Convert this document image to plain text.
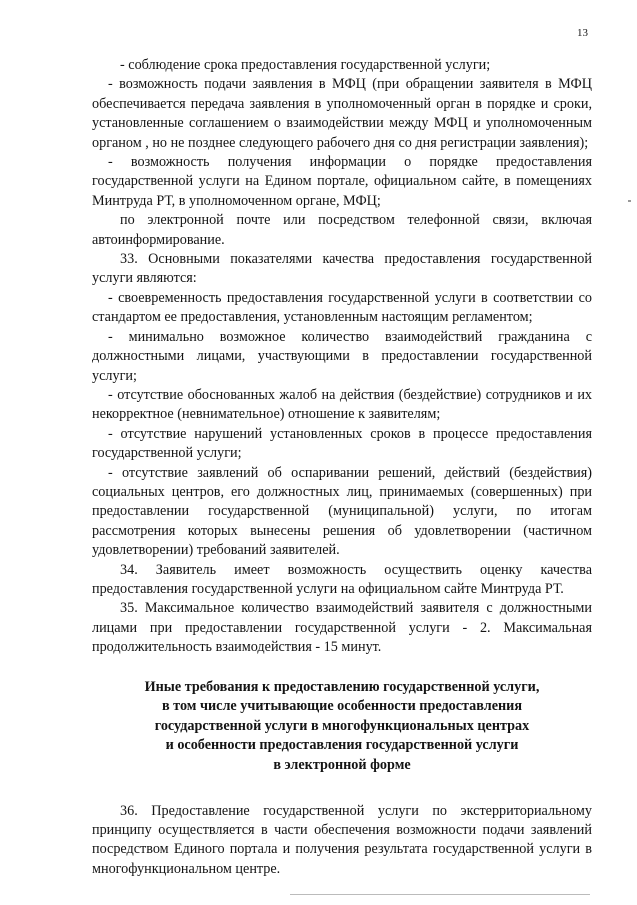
13

- соблюдение срока предоставления государственной услуги;

- возможность подачи заявления в МФЦ (при обращении заявителя в МФЦ обеспечивается передача заявления в уполномоченный орган в порядке и сроки, установленные соглашением о взаимодействии между МФЦ и уполномоченным органом , но не позднее следующего рабочего дня со дня регистрации заявления);

- возможность получения информации о порядке предоставления государственной услуги на Едином портале, официальном сайте, в помещениях Минтруда РТ, в уполномоченном органе, МФЦ;

по электронной почте или посредством телефонной связи, включая автоинформирование.

33. Основными показателями качества предоставления государственной услуги являются:

- своевременность предоставления государственной услуги в соответствии со стандартом ее предоставления, установленным настоящим регламентом;

- минимально возможное количество взаимодействий гражданина с должностными лицами, участвующими в предоставлении государственной услуги;

- отсутствие обоснованных жалоб на действия (бездействие) сотрудников и их некорректное (невнимательное) отношение к заявителям;

- отсутствие нарушений установленных сроков в процессе предоставления государственной услуги;

- отсутствие заявлений об оспаривании решений, действий (бездействия) социальных центров, его должностных лиц, принимаемых (совершенных) при предоставлении государственной (муниципальной) услуги, по итогам рассмотрения которых вынесены решения об удовлетворении (частичном удовлетворении) требований заявителей.

34. Заявитель имеет возможность осуществить оценку качества предоставления государственной услуги на официальном сайте Минтруда РТ.

35. Максимальное количество взаимодействий заявителя с должностными лицами при предоставлении государственной услуги - 2. Максимальная продолжительность взаимодействия - 15 минут.

Иные требования к предоставлению государственной услуги,
в том числе учитывающие особенности предоставления
государственной услуги в многофункциональных центрах
и особенности предоставления государственной услуги
в электронной форме

36. Предоставление государственной услуги по экстерриториальному принципу осуществляется в части обеспечения возможности подачи заявлений посредством Единого портала и получения результата государственной услуги в многофункциональном центре.
